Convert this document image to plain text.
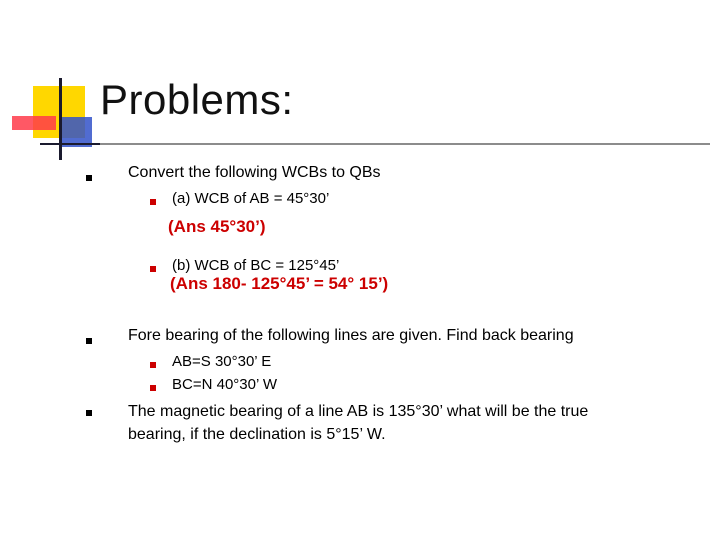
Problems:
Convert the following WCBs to QBs
(a) WCB of AB = 45°30’
(Ans 45°30’)
(b) WCB of BC = 125°45’
(Ans 180- 125°45’ = 54° 15’)
Fore bearing of the following lines are given. Find back bearing
AB=S 30°30’ E
BC=N 40°30’ W
The magnetic bearing of a line AB is 135°30’ what will be the true
bearing, if the declination is 5°15’ W.
